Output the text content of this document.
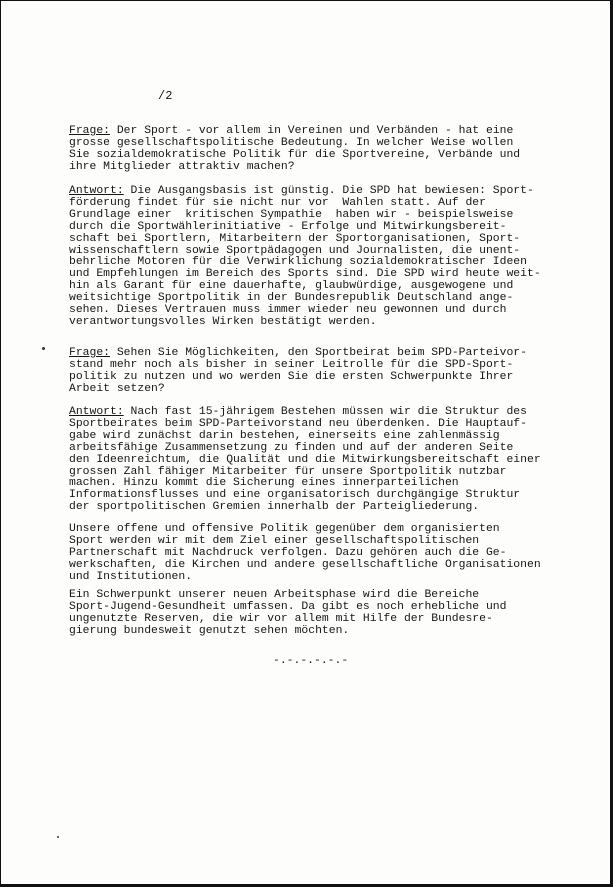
/2
Frage: Der Sport - vor allem in Vereinen und Verbänden - hat eine
grosse gesellschaftspolitische Bedeutung. In welcher Weise wollen
Sie sozialdemokratische Politik für die Sportvereine, Verbände und
ihre Mitglieder attraktiv machen?
Antwort: Die Ausgangsbasis ist günstig. Die SPD hat bewiesen: Sport-
förderung findet für sie nicht nur vor  Wahlen statt. Auf der
Grundlage einer  kritischen Sympathie  haben wir - beispielsweise
durch die Sportwählerinitiative - Erfolge und Mitwirkungsbereit-
schaft bei Sportlern, Mitarbeitern der Sportorganisationen, Sport-
wissenschaftlern sowie Sportpädagogen und Journalisten, die unent-
behrliche Motoren für die Verwirklichung sozialdemokratischer Ideen
und Empfehlungen im Bereich des Sports sind. Die SPD wird heute weit-
hin als Garant für eine dauerhafte, glaubwürdige, ausgewogene und
weitsichtige Sportpolitik in der Bundesrepublik Deutschland ange-
sehen. Dieses Vertrauen muss immer wieder neu gewonnen und durch
verantwortungsvolles Wirken bestätigt werden.
Frage: Sehen Sie Möglichkeiten, den Sportbeirat beim SPD-Parteivor-
stand mehr noch als bisher in seiner Leitrolle für die SPD-Sport-
politik zu nutzen und wo werden Sie die ersten Schwerpunkte Ihrer
Arbeit setzen?
Antwort: Nach fast 15-jährigem Bestehen müssen wir die Struktur des
Sportbeirates beim SPD-Parteivorstand neu überdenken. Die Hauptauf-
gabe wird zunächst darin bestehen, einerseits eine zahlenmässig
arbeitsfähige Zusammensetzung zu finden und auf der anderen Seite
den Ideenreichtum, die Qualität und die Mitwirkungsbereitschaft einer
grossen Zahl fähiger Mitarbeiter für unsere Sportpolitik nutzbar
machen. Hinzu kommt die Sicherung eines innerparteilichen
Informationsflusses und eine organisatorisch durchgängige Struktur
der sportpolitischen Gremien innerhalb der Parteigliederung.
Unsere offene und offensive Politik gegenüber dem organisierten
Sport werden wir mit dem Ziel einer gesellschaftspolitischen
Partnerschaft mit Nachdruck verfolgen. Dazu gehören auch die Ge-
werkschaften, die Kirchen und andere gesellschaftliche Organisationen
und Institutionen.
Ein Schwerpunkt unserer neuen Arbeitsphase wird die Bereiche
Sport-Jugend-Gesundheit umfassen. Da gibt es noch erhebliche und
ungenutzte Reserven, die wir vor allem mit Hilfe der Bundesre-
gierung bundesweit genutzt sehen möchten.
-.-.-.-.-.-
